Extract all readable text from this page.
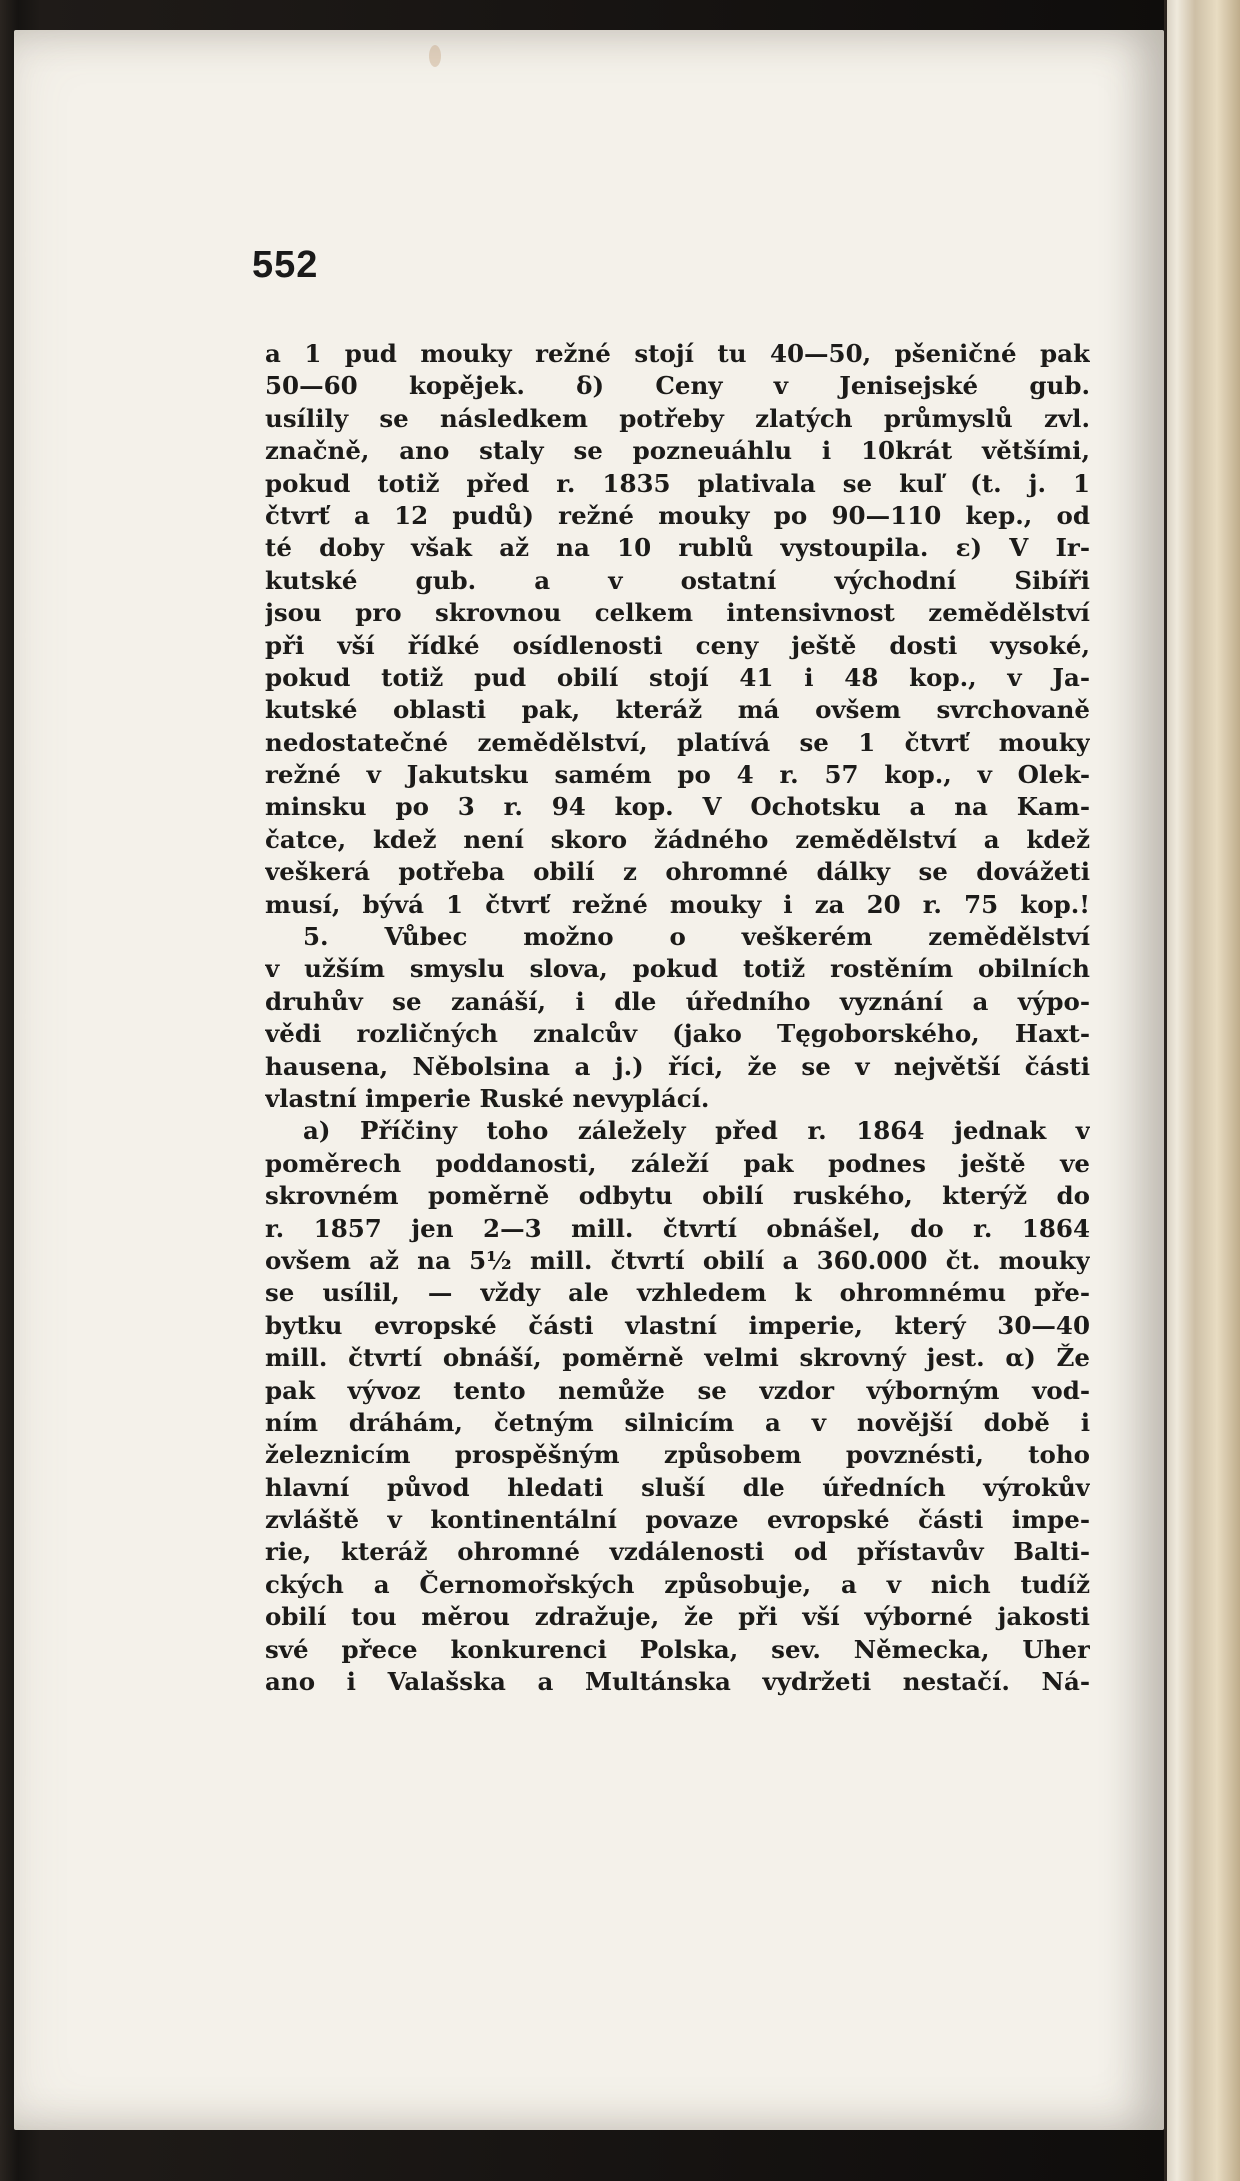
552
a 1 pud mouky režné stojí tu 40—50, pšeničné pak
50—60 kopějek. δ) Ceny v Jenisejské gub.
usílily se následkem potřeby zlatých průmyslů zvl.
značně, ano staly se pozneuáhlu i 10krát většími,
pokud totiž před r. 1835 plativala se kuľ (t. j. 1
čtvrť a 12 pudů) režné mouky po 90—110 kep., od
té doby však až na 10 rublů vystoupila. ε) V Ir-
kutské gub. a v ostatní východní Sibíři
jsou pro skrovnou celkem intensivnost zemědělství
při vší řídké osídlenosti ceny ještě dosti vysoké,
pokud totiž pud obilí stojí 41 i 48 kop., v Ja-
kutské oblasti pak, kteráž má ovšem svrchovaně
nedostatečné zemědělství, platívá se 1 čtvrť mouky
režné v Jakutsku samém po 4 r. 57 kop., v Olek-
minsku po 3 r. 94 kop. V Ochotsku a na Kam-
čatce, kdež není skoro žádného zemědělství a kdež
veškerá potřeba obilí z ohromné dálky se dovážeti
musí, bývá 1 čtvrť režné mouky i za 20 r. 75 kop.!
5. Vůbec možno o veškerém zemědělství
v užším smyslu slova, pokud totiž rostěním obilních
druhův se zanáší, i dle úředního vyznání a výpo-
vědi rozličných znalcův (jako Tęgoborského, Haxt-
hausena, Něbolsina a j.) říci, že se v největší části
vlastní imperie Ruské nevyplácí.
a) Příčiny toho záležely před r. 1864 jednak v
poměrech poddanosti, záleží pak podnes ještě ve
skrovném poměrně odbytu obilí ruského, kterýž do
r. 1857 jen 2—3 mill. čtvrtí obnášel, do r. 1864
ovšem až na 5½ mill. čtvrtí obilí a 360.000 čt. mouky
se usílil, — vždy ale vzhledem k ohromnému pře-
bytku evropské části vlastní imperie, který 30—40
mill. čtvrtí obnáší, poměrně velmi skrovný jest. α) Že
pak vývoz tento nemůže se vzdor výborným vod-
ním dráhám, četným silnicím a v novější době i
železnicím prospěšným způsobem povznésti, toho
hlavní původ hledati sluší dle úředních výrokův
zvláště v kontinentální povaze evropské části impe-
rie, kteráž ohromné vzdálenosti od přístavův Balti-
ckých a Černomořských způsobuje, a v nich tudíž
obilí tou měrou zdražuje, že při vší výborné jakosti
své přece konkurenci Polska, sev. Německa, Uher
ano i Valašska a Multánska vydržeti nestačí. Ná-
